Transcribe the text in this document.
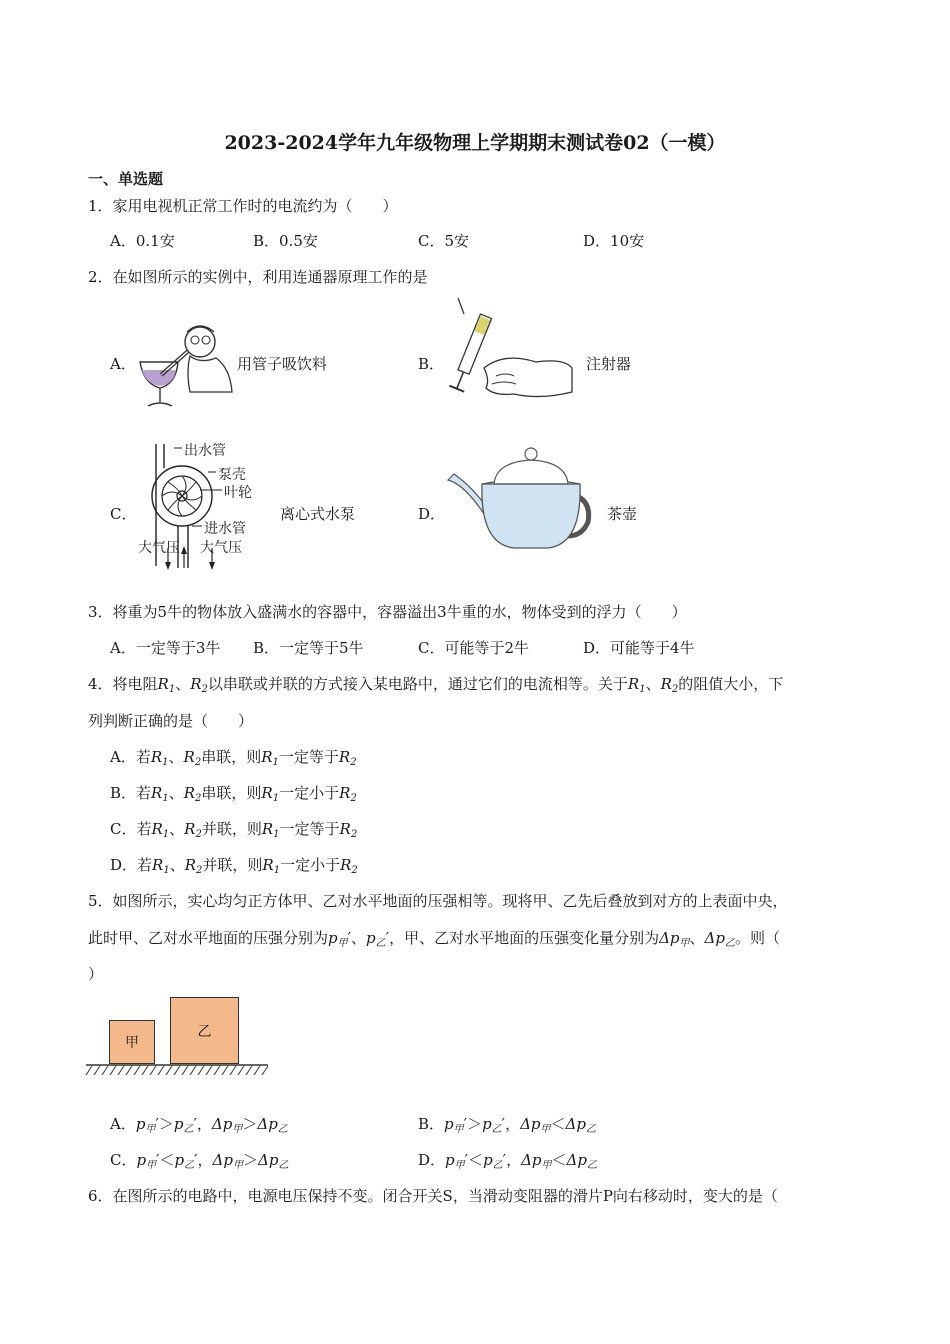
2023-2024学年九年级物理上学期期末测试卷02（一模）
一、单选题
1．家用电视机正常工作时的电流约为（　　）
A．0.1安	B．0.5安	C．5安	D．10安
2．在如图所示的实例中，利用连通器原理工作的是
A．	用管子吸饮料	B．	注射器
C．
出水管
泵壳
叶轮
进水管
大气压 大气压
离心式水泵	D．	茶壶
3．将重为5牛的物体放入盛满水的容器中，容器溢出3牛重的水，物体受到的浮力（　　）
A．一定等于3牛 B．一定等于5牛	C．可能等于2牛	D．可能等于4牛
4．将电阻$R_1$、$R_2$以串联或并联的方式接入某电路中，通过它们的电流相等。关于$R_1$、$R_2$的阻值大小，下
列判断正确的是（　　）
A．若$R_1$、$R_2$串联，则$R_1$一定等于$R_2$
B．若$R_1$、$R_2$串联，则$R_1$一定小于$R_2$
C．若$R_1$、$R_2$并联，则$R_1$一定等于$R_2$
D．若$R_1$、$R_2$并联，则$R_1$一定小于$R_2$
5．如图所示，实心均匀正方体甲、乙对水平地面的压强相等。现将甲、乙先后叠放到对方的上表面中央，
此时甲、乙对水平地面的压强分别为$p_甲'$、$p_乙'$，甲、乙对水平地面的压强变化量分别为$\Delta p_甲$、$\Delta p_乙$。则（
）
甲
乙
A．$p_甲'>p_乙'$，$\Delta p_甲>\Delta p_乙$	B．$p_甲'>p_乙'$，$\Delta p_甲<\Delta p_乙$
C．$p_甲'<p_乙'$，$\Delta p_甲>\Delta p_乙$	D．$p_甲'<p_乙'$，$\Delta p_甲<\Delta p_乙$
6．在图所示的电路中，电源电压保持不变。闭合开关S，当滑动变阻器的滑片P向右移动时，变大的是（
